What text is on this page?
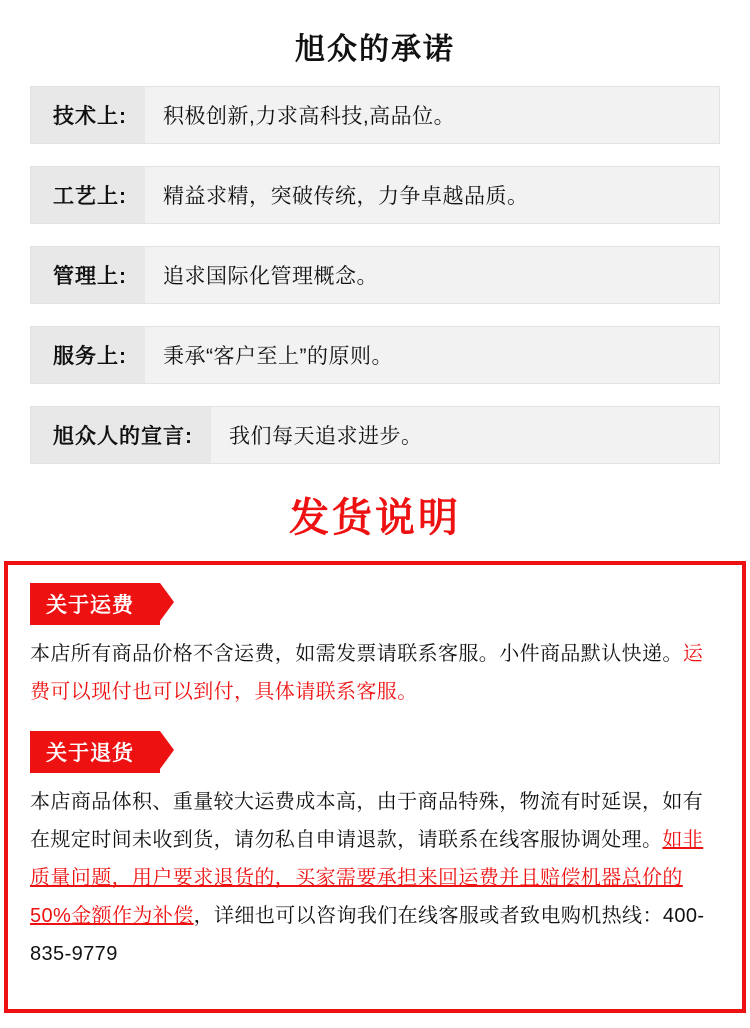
旭众的承诺
技术上:	积极创新,力求高科技,高品位。
工艺上:	精益求精，突破传统，力争卓越品质。
管理上:	追求国际化管理概念。
服务上:	秉承“客户至上”的原则。
旭众人的宣言:	我们每天追求进步。
发货说明
关于运费

本店所有商品价格不含运费，如需发票请联系客服。小件商品默认快递。运费可以现付也可以到付，具体请联系客服。

关于退货

本店商品体积、重量较大运费成本高，由于商品特殊，物流有时延误，如有在规定时间未收到货，请勿私自申请退款，请联系在线客服协调处理。如非质量问题，用户要求退货的，买家需要承担来回运费并且赔偿机器总价的50%金额作为补偿，详细也可以咨询我们在线客服或者致电购机热线：400-835-9779
